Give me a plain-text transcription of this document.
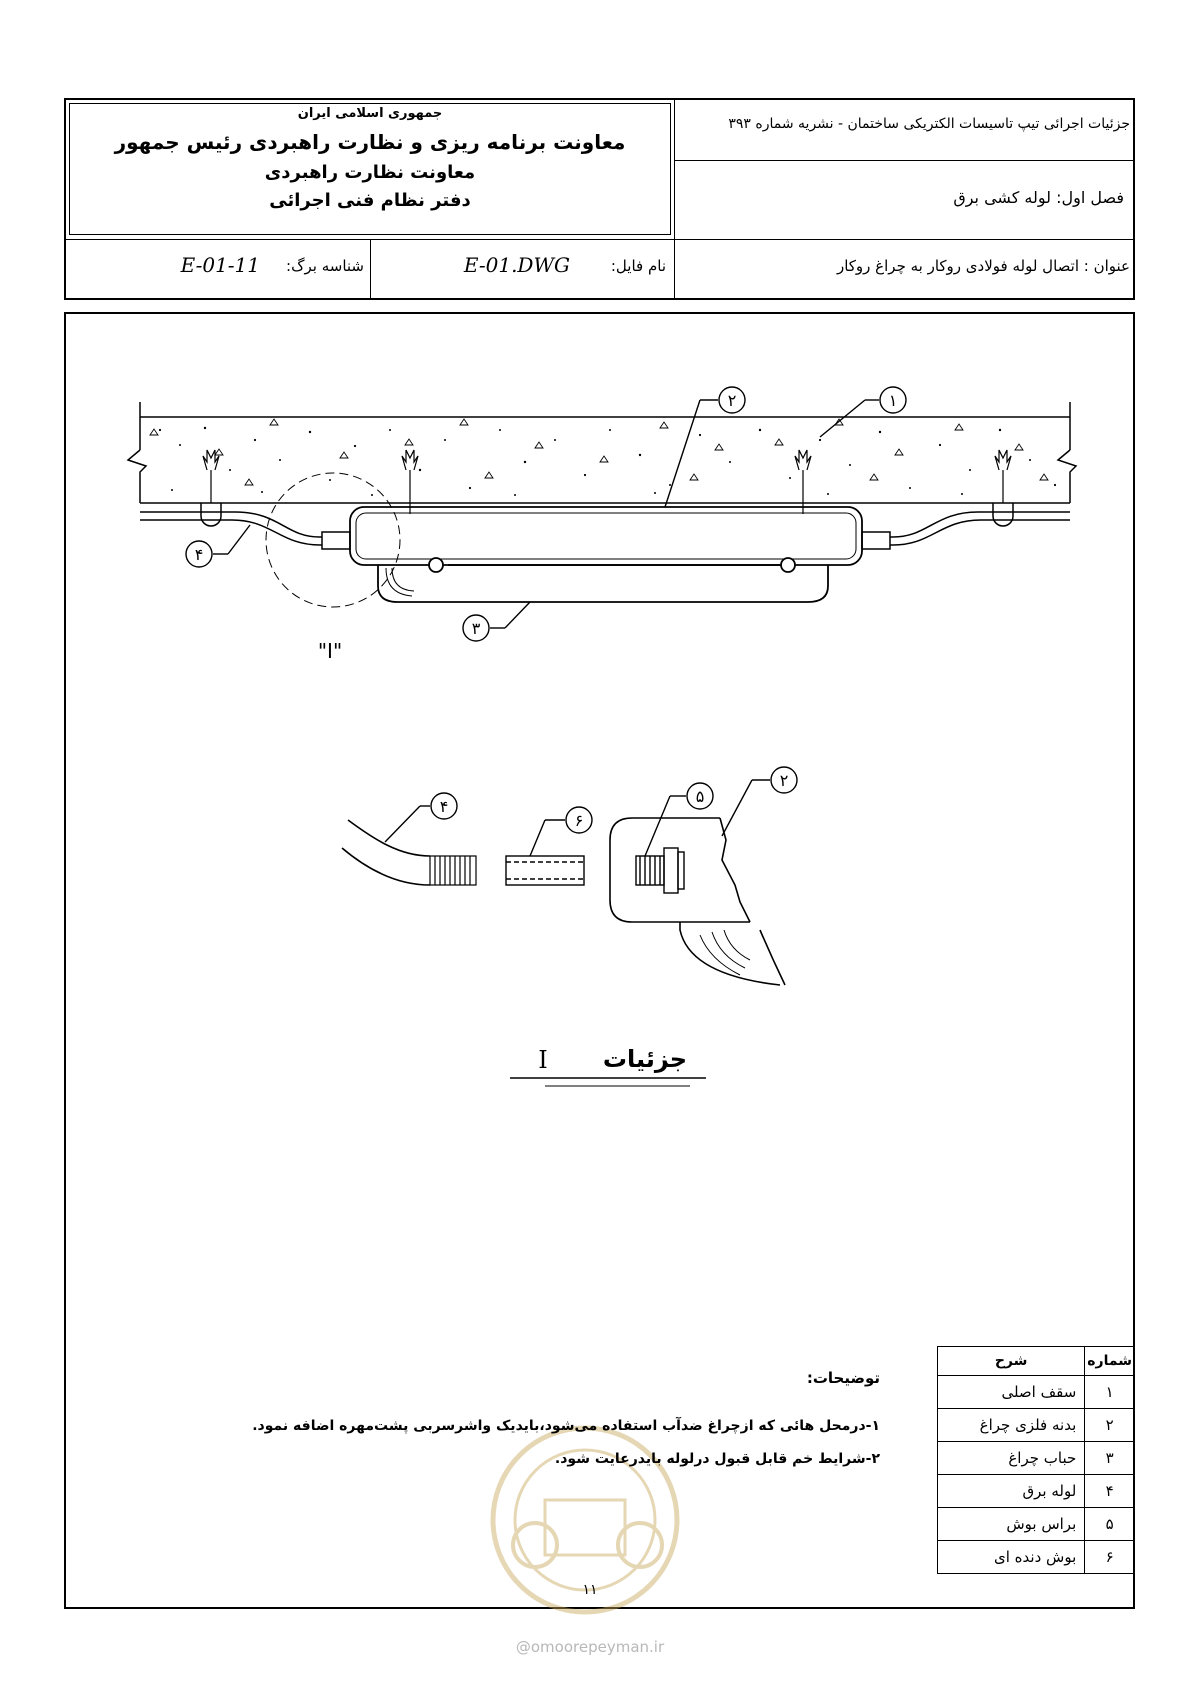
جمهوری اسلامی ایران
معاونت برنامه ریزی و نظارت راهبردی رئیس جمهور
معاونت نظارت راهبردی
دفتر نظام فنی اجرائی
جزئیات اجرائی تیپ تاسیسات الکتریکی ساختمان - نشریه شماره ۳۹۳
فصل اول: لوله کشی برق
عنوان : اتصال لوله فولادی روکار به چراغ روکار
نام فایل:
E-01.DWG
شناسه برگ:
E-01-11
"I"
۱
۲
۳
۴
۴
۶
۵
۲
جزئیات
I
توضیحات:
۱-درمحل هائی که ازچراغ ضدآب استفاده می‌شود،بایدیک واشرسربی پشت‌مهره اضافه نمود.
۲-شرایط خم قابل قبول درلوله بایدرعایت شود.
شماره	شرح
۱	سقف اصلی
۲	بدنه فلزی چراغ
۳	حباب چراغ
۴	لوله برق
۵	براس بوش
۶	بوش دنده ای
۱۱
@omoorepeyman.ir
